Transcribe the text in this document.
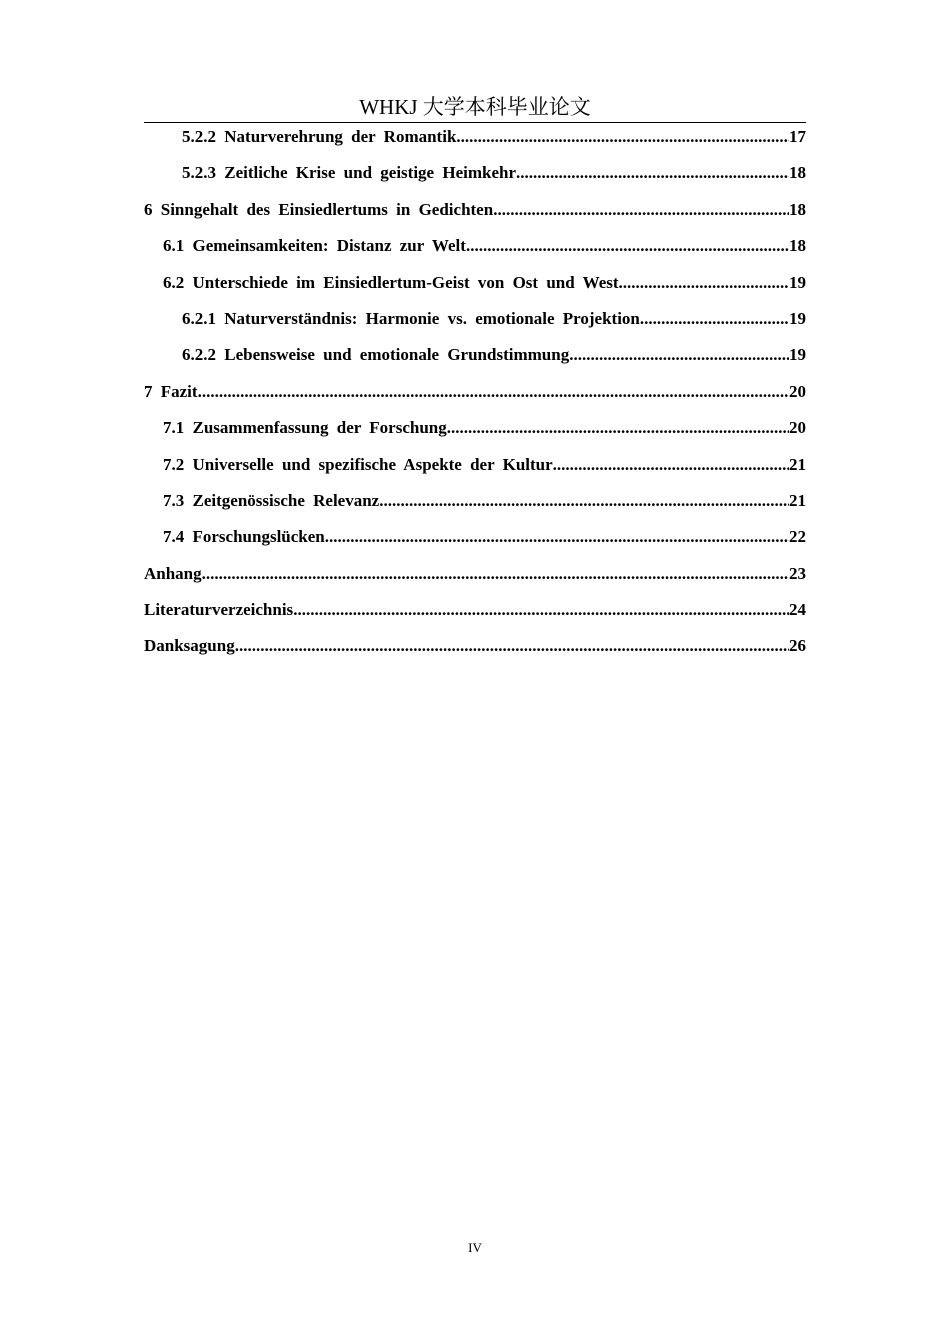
WHKJ 大学本科毕业论文
5.2.2 Naturverehrung der Romantik .....	17
5.2.3 Zeitliche Krise und geistige Heimkehr .....	18
6 Sinngehalt des Einsiedlertums in Gedichten .....	18
6.1 Gemeinsamkeiten: Distanz zur Welt .....	18
6.2 Unterschiede im Einsiedlertum-Geist von Ost und West .....	19
6.2.1 Naturverständnis: Harmonie vs. emotionale Projektion .....	19
6.2.2 Lebensweise und emotionale Grundstimmung .....	19
7 Fazit .....	20
7.1 Zusammenfassung der Forschung .....	20
7.2 Universelle und spezifische Aspekte der Kultur .....	21
7.3 Zeitgenössische Relevanz .....	21
7.4 Forschungslücken .....	22
Anhang .....	23
Literaturverzeichnis .....	24
Danksagung .....	26
IV
